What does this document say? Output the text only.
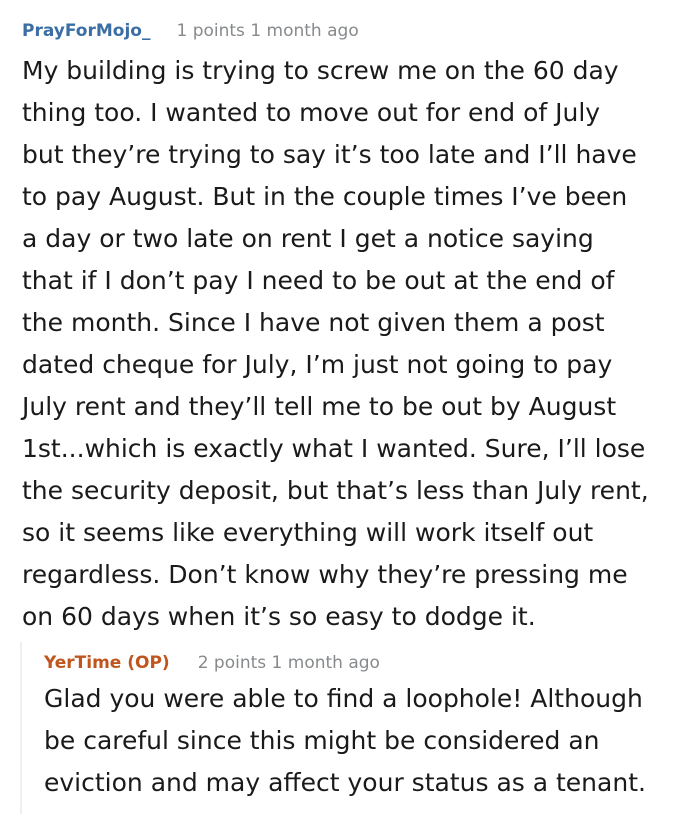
PrayForMojo_ 1 points 1 month ago

My building is trying to screw me on the 60 day
thing too. I wanted to move out for end of July
but they’re trying to say it’s too late and I’ll have
to pay August. But in the couple times I’ve been
a day or two late on rent I get a notice saying
that if I don’t pay I need to be out at the end of
the month. Since I have not given them a post
dated cheque for July, I’m just not going to pay
July rent and they’ll tell me to be out by August
1st...which is exactly what I wanted. Sure, I’ll lose
the security deposit, but that’s less than July rent,
so it seems like everything will work itself out
regardless. Don’t know why they’re pressing me
on 60 days when it’s so easy to dodge it.

YerTime (OP) 2 points 1 month ago

Glad you were able to find a loophole! Although
be careful since this might be considered an
eviction and may affect your status as a tenant.
